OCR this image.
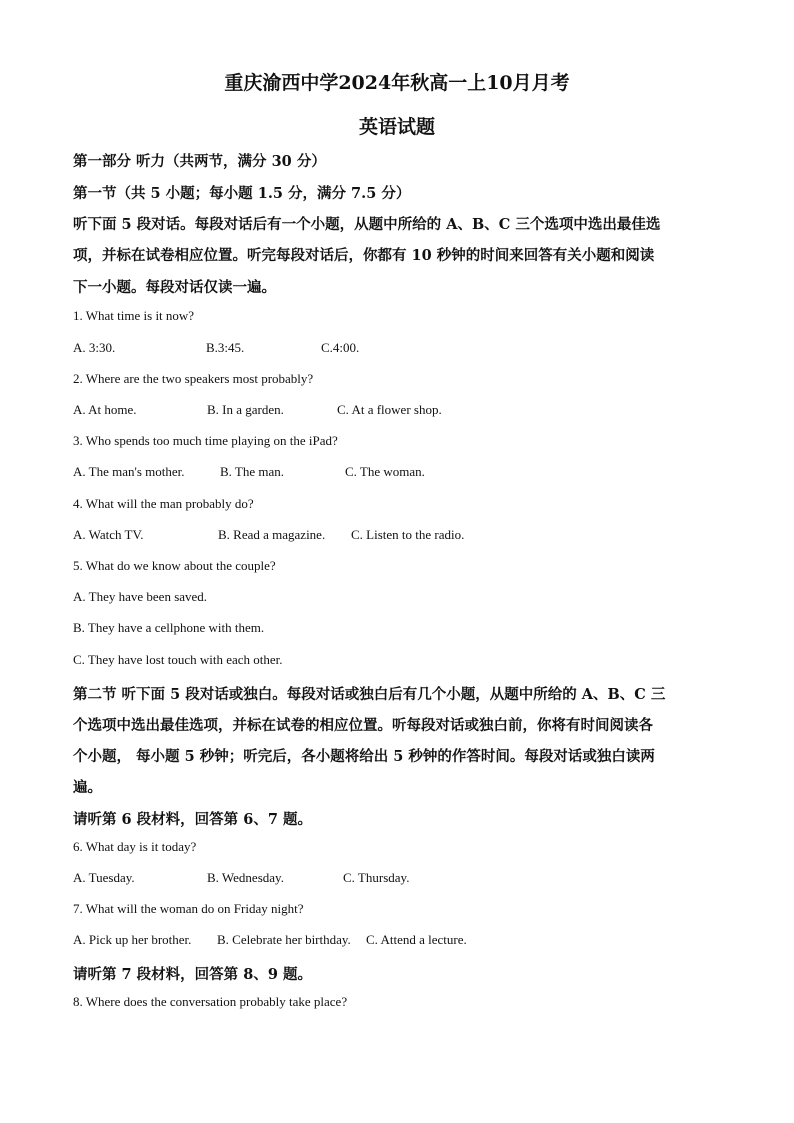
重庆渝西中学2024年秋高一上10月月考
英语试题

第一部分 听力（共两节，满分 30 分）

第一节（共 5 小题；每小题 1.5 分，满分 7.5 分）

听下面 5 段对话。每段对话后有一个小题，从题中所给的 A、B、C 三个选项中选出最佳选

项，并标在试卷相应位置。听完每段对话后，你都有 10 秒钟的时间来回答有关小题和阅读

下一小题。每段对话仅读一遍。

1. What time is it now?

A. 3:30.	B.3:45.	C.4:00.

2. Where are the two speakers most probably?

A. At home.	B. In a garden.	C. At a flower shop.

3. Who spends too much time playing on the iPad?

A. The man's mother.	B. The man.	C. The woman.

4. What will the man probably do?

A. Watch TV.	B. Read a magazine. C. Listen to the radio.

5. What do we know about the couple?

A. They have been saved.

B. They have a cellphone with them.

C. They have lost touch with each other.

第二节 听下面 5 段对话或独白。每段对话或独白后有几个小题，从题中所给的 A、B、C 三

个选项中选出最佳选项，并标在试卷的相应位置。听每段对话或独白前，你将有时间阅读各

个小题， 每小题 5 秒钟；听完后，各小题将给出 5 秒钟的作答时间。每段对话或独白读两

遍。

请听第 6 段材料，回答第 6、7 题。

6. What day is it today?

A. Tuesday.	B. Wednesday.	C. Thursday.

7. What will the woman do on Friday night?

A. Pick up her brother. B. Celebrate her birthday. C. Attend a lecture.

请听第 7 段材料，回答第 8、9 题。

8. Where does the conversation probably take place?
